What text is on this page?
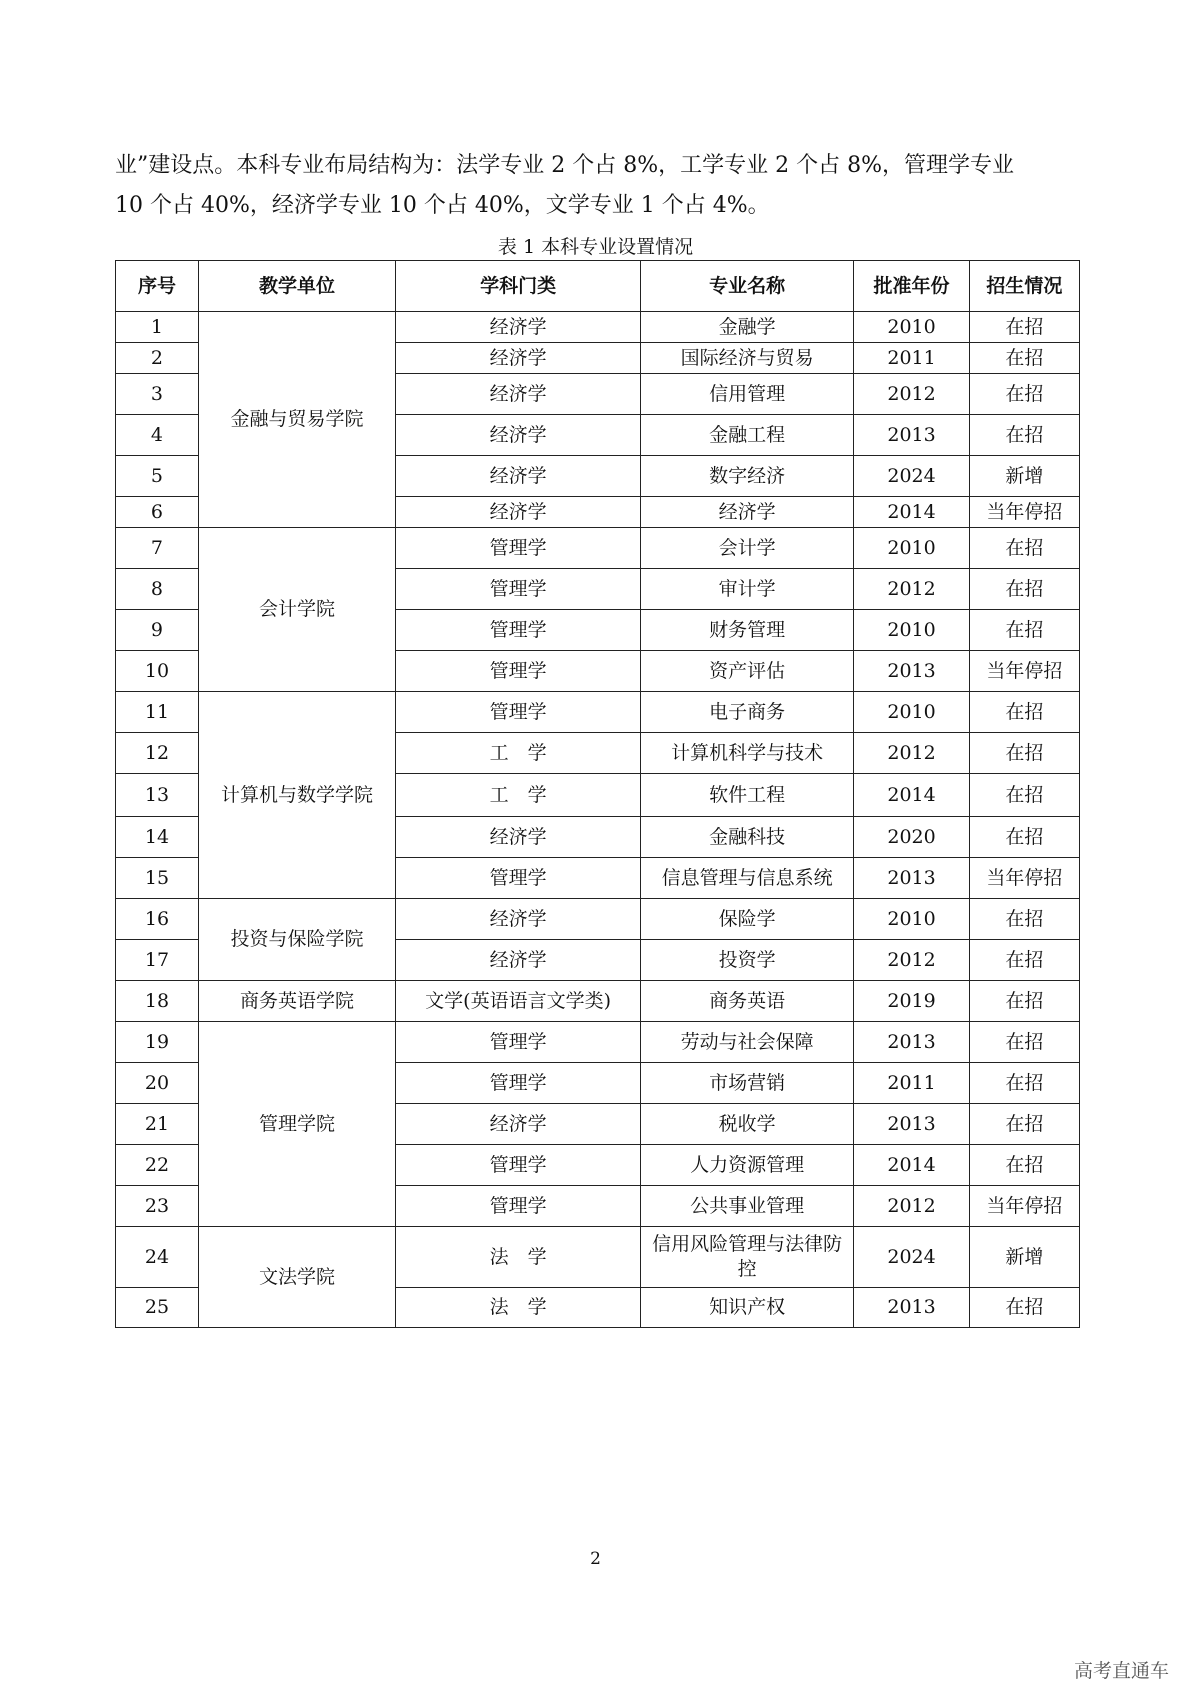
业”建设点。本科专业布局结构为：法学专业 2 个占 8%，工学专业 2 个占 8%，管理学专业
10 个占 40%，经济学专业 10 个占 40%，文学专业 1 个占 4%。
表 1 本科专业设置情况
序号	教学单位	学科门类	专业名称	批准年份	招生情况
1	金融与贸易学院	经济学	金融学	2010	在招
2		经济学	国际经济与贸易	2011	在招
3		经济学	信用管理	2012	在招
4		经济学	金融工程	2013	在招
5		经济学	数字经济	2024	新增
6		经济学	经济学	2014	当年停招
7	会计学院	管理学	会计学	2010	在招
8		管理学	审计学	2012	在招
9		管理学	财务管理	2010	在招
10		管理学	资产评估	2013	当年停招
11	计算机与数学学院	管理学	电子商务	2010	在招
12		工　学	计算机科学与技术	2012	在招
13		工　学	软件工程	2014	在招
14		经济学	金融科技	2020	在招
15		管理学	信息管理与信息系统	2013	当年停招
16	投资与保险学院	经济学	保险学	2010	在招
17		经济学	投资学	2012	在招
18	商务英语学院	文学(英语语言文学类)	商务英语	2019	在招
19	管理学院	管理学	劳动与社会保障	2013	在招
20		管理学	市场营销	2011	在招
21		经济学	税收学	2013	在招
22		管理学	人力资源管理	2014	在招
23		管理学	公共事业管理	2012	当年停招
24	文法学院	法　学	信用风险管理与法律防控	2024	新增
25		法　学	知识产权	2013	在招
2
高考直通车
